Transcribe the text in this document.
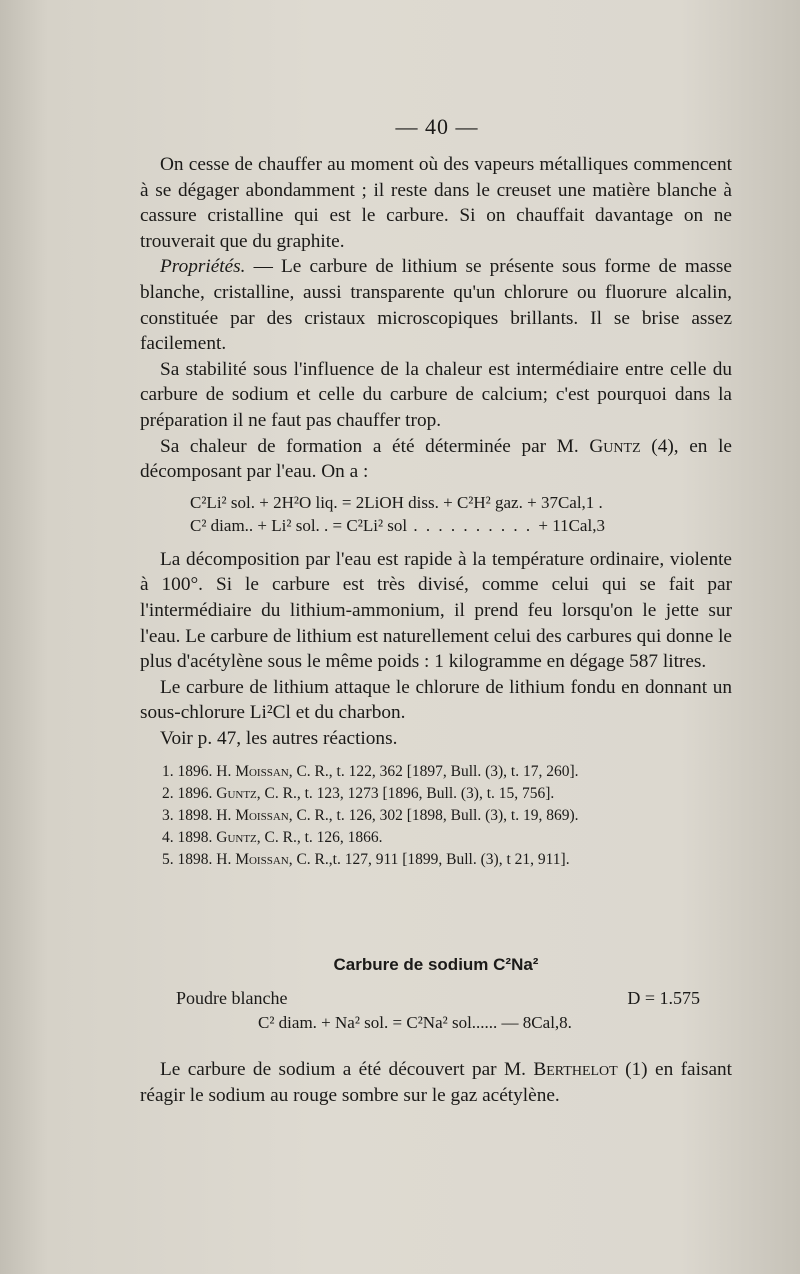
— 40 —

On cesse de chauffer au moment où des vapeurs métalliques commencent à se dégager abondamment ; il reste dans le creuset une matière blanche à cassure cristalline qui est le carbure. Si on chauffait davantage on ne trouverait que du graphite.

Propriétés. — Le carbure de lithium se présente sous forme de masse blanche, cristalline, aussi transparente qu'un chlorure ou fluorure alcalin, constituée par des cristaux microscopiques brillants. Il se brise assez facilement.

Sa stabilité sous l'influence de la chaleur est intermédiaire entre celle du carbure de sodium et celle du carbure de calcium; c'est pourquoi dans la préparation il ne faut pas chauffer trop.

Sa chaleur de formation a été déterminée par M. Guntz (4), en le décomposant par l'eau. On a :

C²Li² sol. + 2H²O liq. = 2LiOH diss. + C²H² gaz. + 37Cal,1 .
C² diam.. + Li² sol. . = C²Li² sol . . . . . . . . . . + 11Cal,3

La décomposition par l'eau est rapide à la température ordinaire, violente à 100°. Si le carbure est très divisé, comme celui qui se fait par l'intermédiaire du lithium-ammonium, il prend feu lorsqu'on le jette sur l'eau. Le carbure de lithium est naturellement celui des carbures qui donne le plus d'acétylène sous le même poids : 1 kilogramme en dégage 587 litres.

Le carbure de lithium attaque le chlorure de lithium fondu en donnant un sous-chlorure Li²Cl et du charbon.

Voir p. 47, les autres réactions.

1. 1896. H. Moissan, C. R., t. 122, 362 [1897, Bull. (3), t. 17, 260].
2. 1896. Guntz, C. R., t. 123, 1273 [1896, Bull. (3), t. 15, 756].
3. 1898. H. Moissan, C. R., t. 126, 302 [1898, Bull. (3), t. 19, 869).
4. 1898. Guntz, C. R., t. 126, 1866.
5. 1898. H. Moissan, C. R.,t. 127, 911 [1899, Bull. (3), t 21, 911].
Carbure de sodium C²Na²
Poudre blanche	D = 1.575
C² diam. + Na² sol. = C²Na² sol...... — 8Cal,8.

Le carbure de sodium a été découvert par M. Berthelot (1) en faisant réagir le sodium au rouge sombre sur le gaz acétylène.
